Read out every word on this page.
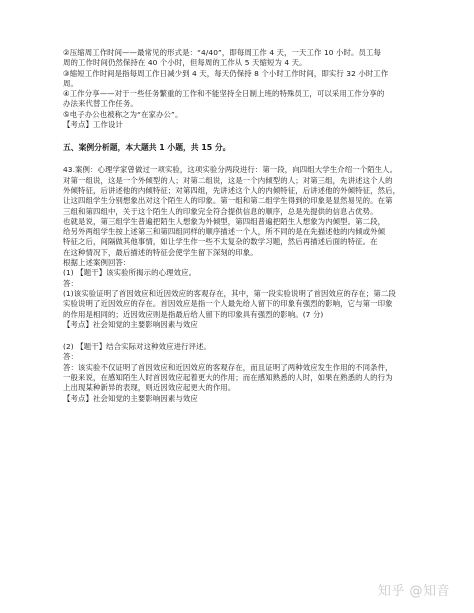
②压缩周工作时间——最常见的形式是：“4/40”，即每周工作 4 天，一天工作 10 小时。员工每
周的工作时间仍然保持在 40 个小时，但每周的工作从 5 天缩短为 4 天。
③缩短工作时间是指每周工作日减少到 4 天，每天仍保持 8 个小时工作时间，即实行 32 小时工作
周。
④工作分享——对于一些任务繁重的工作和不能坚持全日制上班的特殊员工，可以采用工作分享的
办法来代替工作任务。
⑤电子办公也被称之为“在家办公”。
【考点】工作设计
五、案例分析题，本大题共 1 小题，共 15 分。
43.案例：心理学家曾做过一项实验，这项实验分两段进行：第一段，向四组大学生介绍一个陌生人。
对第一组说，这是一个外倾型的人；对第二组说，这是一个内倾型的人；对第三组，先讲述这个人的
外倾特征，后讲述他的内倾特征；对第四组，先讲述这个人的内倾特征，后讲述他的外倾特征，然后，
让这四组学生分别想象出对这个陌生人的印象。第一组和第二组学生得到的印象是显然易见的。在第
三组和第四组中，关于这个陌生人的印象完全符合提供信息的顺序，总是先提供的信息占优势。
也就是说，第三组学生普遍把陌生人想象为外倾型，第四组普遍把陌生人想象为内倾型。第二段，
给另外两组学生按上述第三和第四组同样的顺序描述一个人，所不同的是在先描述他的内倾或外倾
特征之后，间隔做其他事情，如让学生作一些不太复杂的数学习题，然后再描述后面的特征。在
在这种情况下，最后描述的特征会使学生留下深刻的印象。
根据上述案例回答：
(1) 【题干】该实验所揭示的心理效应。
答：
(1)该实验证明了首因效应和近因效应的客观存在，其中，第一段实验说明了首因效应的存在；第二段
实验说明了近因效应的存在。首因效应是指一个人最先给人留下的印象有强烈的影响，它与第一印象
的作用是相同的；近因效应则是指最后给人留下的印象具有强烈的影响。(7 分)
【考点】社会知觉的主要影响因素与效应
(2) 【题干】结合实际对这种效应进行评述。
答：
答：该实验不仅证明了首因效应和近因效应的客观存在，而且证明了两种效应发生作用的不同条件，
一般来说，在感知陌生人时首因效应起着更大的作用；而在感知熟悉的人时，如果在熟悉的人的行为
上出现某种新异的表现，则近因效应起更大的作用。
【考点】社会知觉的主要影响因素与效应
知乎 @知音
